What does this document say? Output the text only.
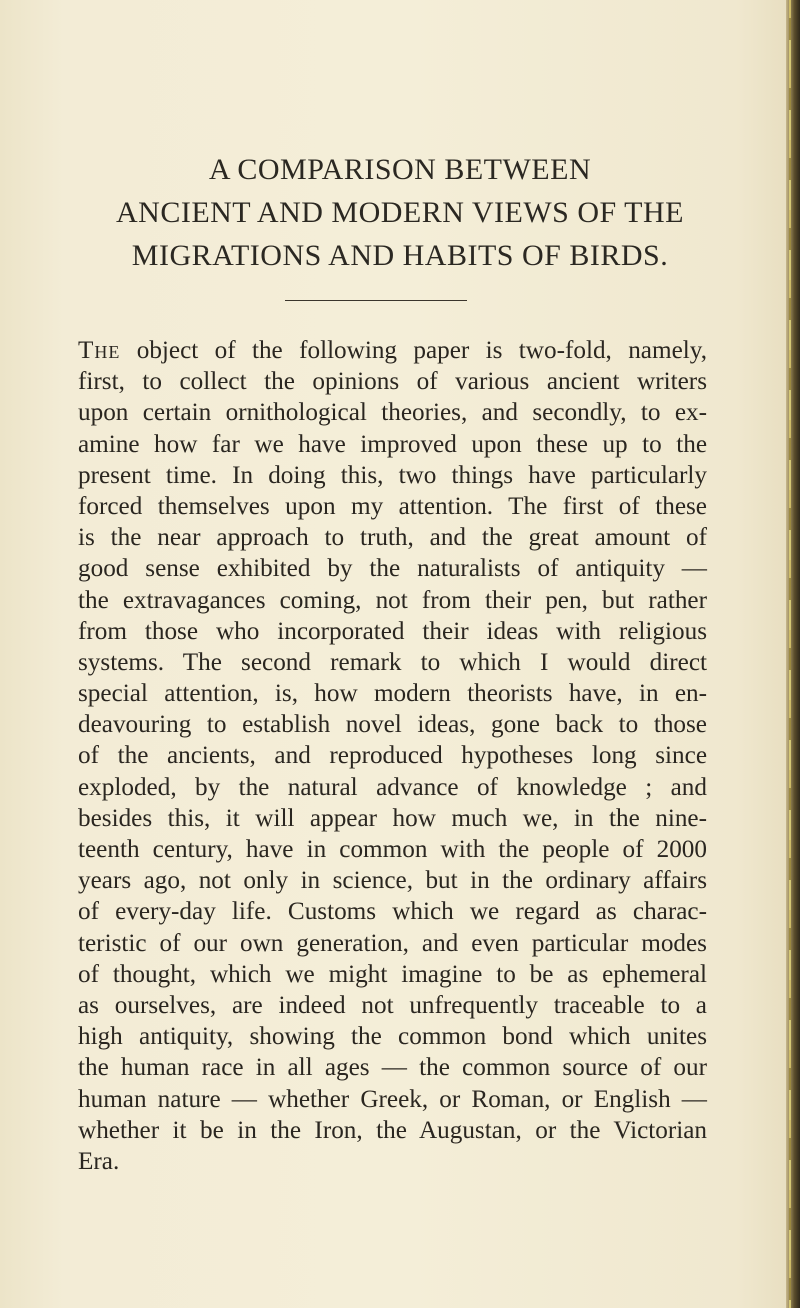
A COMPARISON BETWEEN
ANCIENT AND MODERN VIEWS OF THE
MIGRATIONS AND HABITS OF BIRDS.
The object of the following paper is two-fold, namely,
first, to collect the opinions of various ancient writers
upon certain ornithological theories, and secondly, to ex-
amine how far we have improved upon these up to the
present time. In doing this, two things have particularly
forced themselves upon my attention. The first of these
is the near approach to truth, and the great amount of
good sense exhibited by the naturalists of antiquity —
the extravagances coming, not from their pen, but rather
from those who incorporated their ideas with religious
systems. The second remark to which I would direct
special attention, is, how modern theorists have, in en-
deavouring to establish novel ideas, gone back to those
of the ancients, and reproduced hypotheses long since
exploded, by the natural advance of knowledge ; and
besides this, it will appear how much we, in the nine-
teenth century, have in common with the people of 2000
years ago, not only in science, but in the ordinary affairs
of every-day life. Customs which we regard as charac-
teristic of our own generation, and even particular modes
of thought, which we might imagine to be as ephemeral
as ourselves, are indeed not unfrequently traceable to a
high antiquity, showing the common bond which unites
the human race in all ages — the common source of our
human nature — whether Greek, or Roman, or English —
whether it be in the Iron, the Augustan, or the Victorian
Era.
